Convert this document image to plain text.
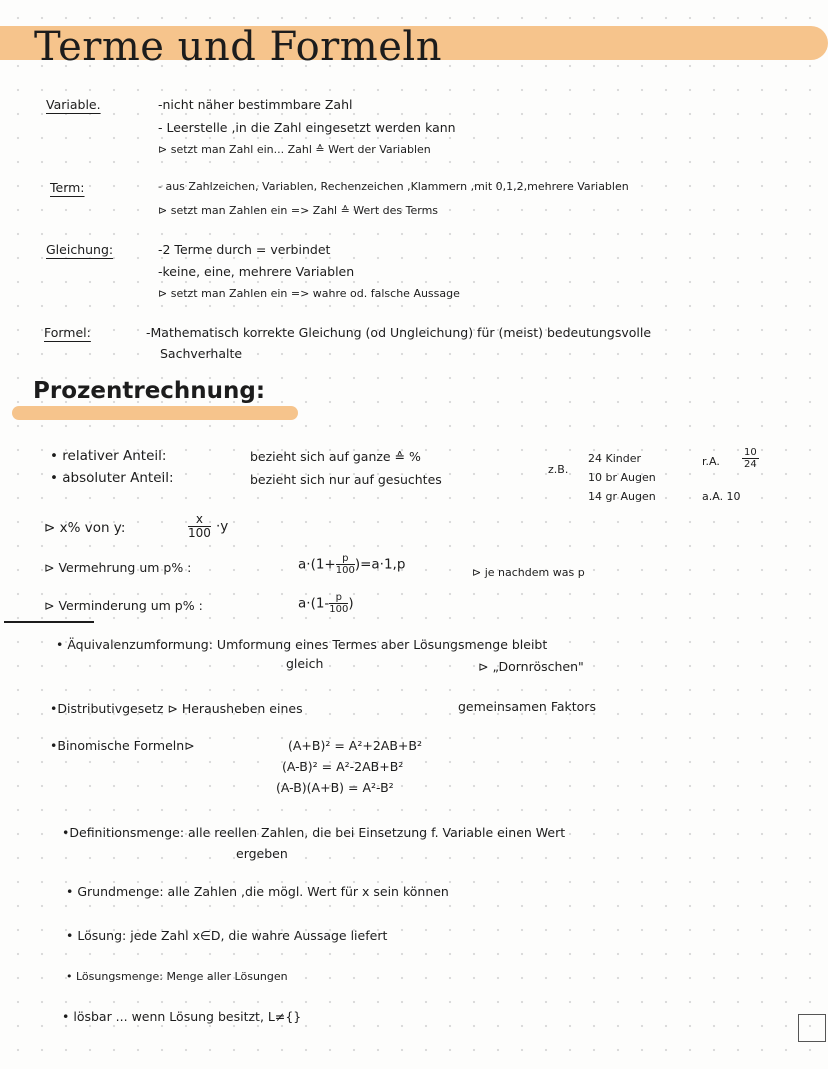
Terme und Formeln
Variable.	-nicht näher bestimmbare Zahl
- Leerstelle ,in die Zahl eingesetzt werden kann
⊳ setzt man Zahl ein... Zahl ≙ Wert der Variablen
Term:	- aus Zahlzeichen, Variablen, Rechenzeichen ,Klammern ,mit 0,1,2,mehrere Variablen
⊳ setzt man Zahlen ein => Zahl ≙ Wert des Terms
Gleichung:	-2 Terme durch = verbindet
-keine, eine, mehrere Variablen
⊳ setzt man Zahlen ein => wahre od. falsche Aussage
Formel:	-Mathematisch korrekte Gleichung (od Ungleichung) für (meist) bedeutungsvolle
Sachverhalte
Prozentrechnung:
• relativer Anteil:	bezieht sich auf ganze ≙ %
• absoluter Anteil:	bezieht sich nur auf gesuchtes
z.B.
24 Kinder
10 br Augen
14 gr Augen
r.A. $\frac{10}{24}$
a.A. 10
⊳ x% von y:	$\frac{x}{100} \cdot y$
⊳ Vermehrung um p% :	$a\cdot(1+ \frac{p}{100} )=a\cdot 1,p$	⊳ je nachdem was p
⊳ Verminderung um p% :	$a\cdot(1- \frac{p}{100}$ )
• Äquivalenzumformung: Umformung eines Termes aber Lösungsmenge bleibt
gleich	⊳ „Dornröschen"
•Distributivgesetz ⊳ Herausheben eines	gemeinsamen Faktors
•Binomische Formeln⊳	(A+B)² = A²+2AB+B²
(A-B)² = A²-2AB+B²
(A-B)(A+B) = A²-B²
•Definitionsmenge: alle reellen Zahlen, die bei Einsetzung f. Variable einen Wert
ergeben
• Grundmenge: alle Zahlen ,die mögl. Wert für x sein können
• Lösung: jede Zahl x∈D, die wahre Aussage liefert
• Lösungsmenge: Menge aller Lösungen
• lösbar ... wenn Lösung besitzt, L≠{}
